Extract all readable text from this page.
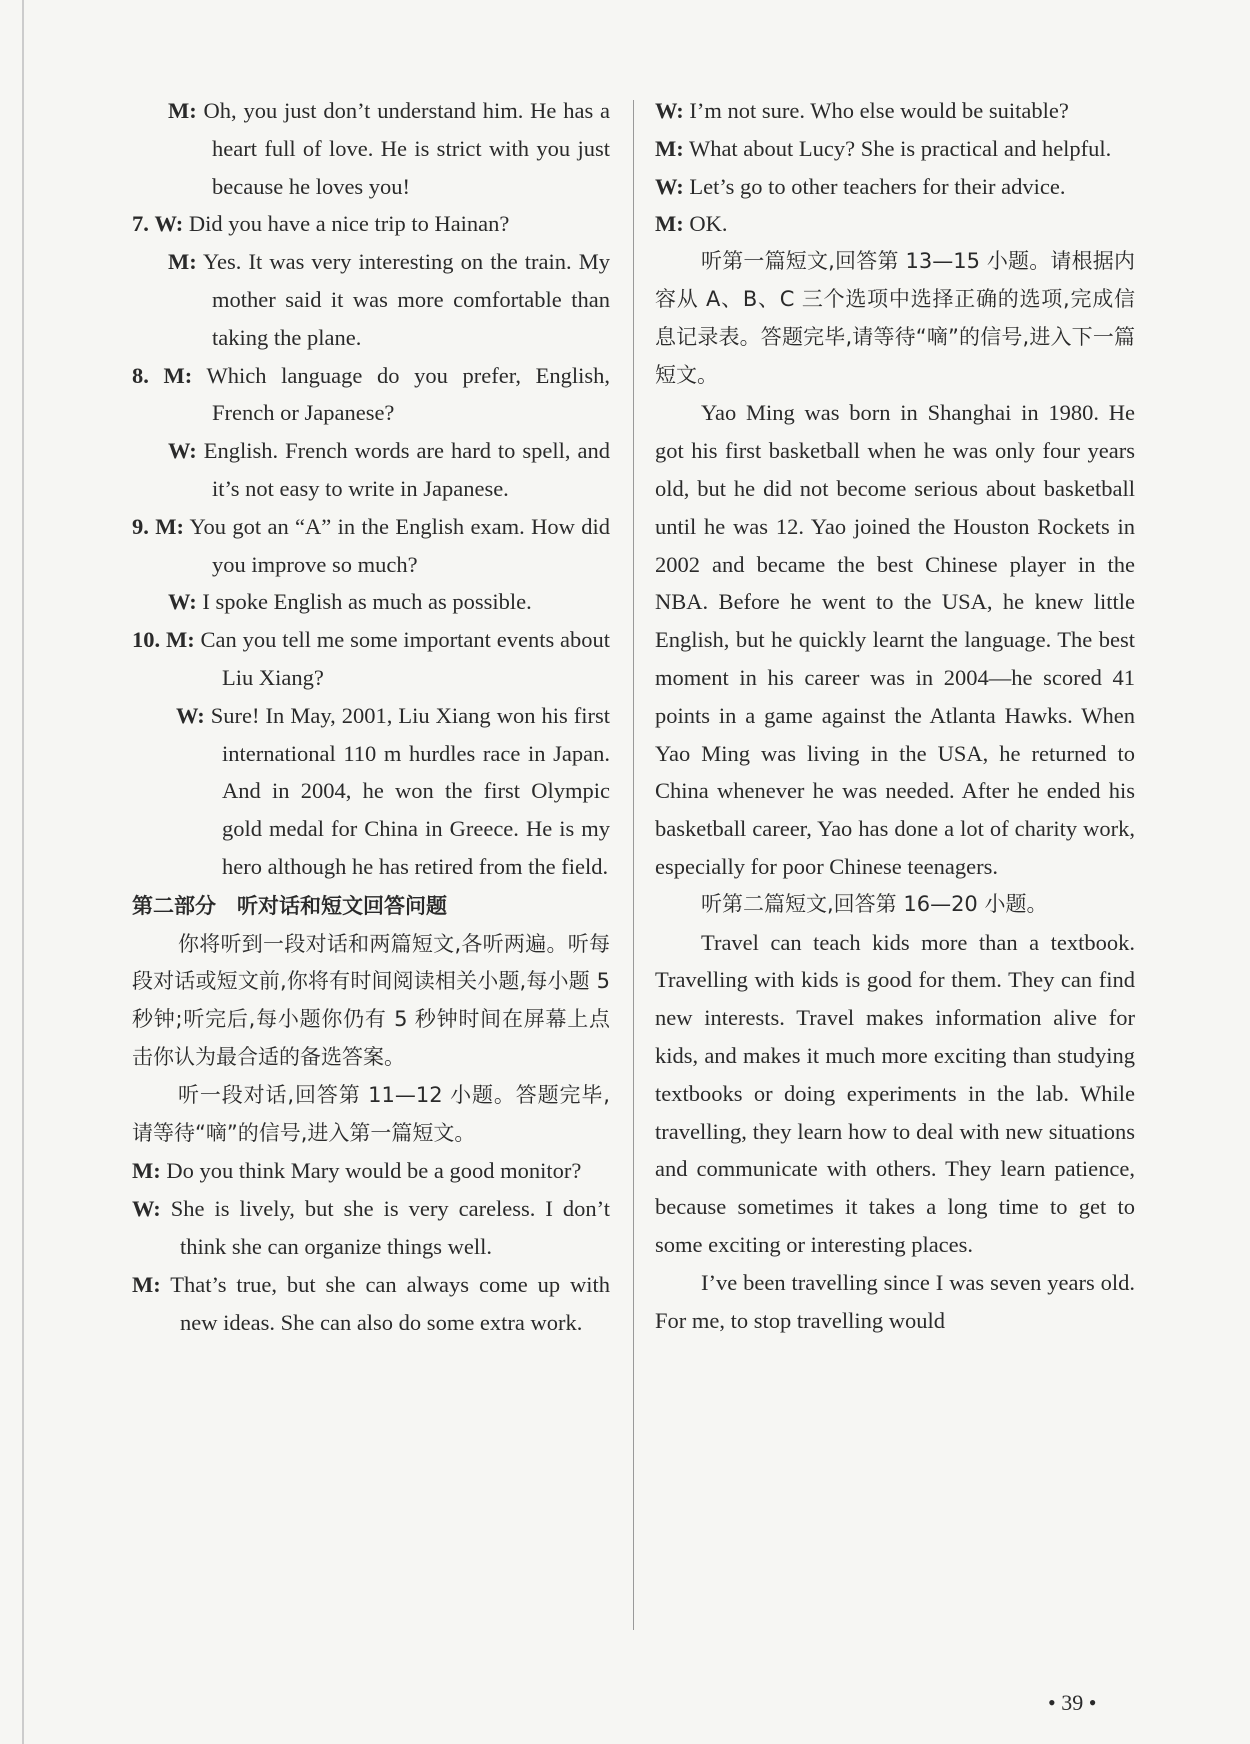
M: Oh, you just don’t understand him. He has a heart full of love. He is strict with you just because he loves you!

7. W: Did you have a nice trip to Hainan?

M: Yes. It was very interesting on the train. My mother said it was more comfortable than taking the plane.

8. M: Which language do you prefer, English, French or Japanese?

W: English. French words are hard to spell, and it’s not easy to write in Japanese.

9. M: You got an “A” in the English exam. How did you improve so much?

W: I spoke English as much as possible.

10. M: Can you tell me some important events about Liu Xiang?

W: Sure! In May, 2001, Liu Xiang won his first international 110 m hurdles race in Japan. And in 2004, he won the first Olympic gold medal for China in Greece. He is my hero although he has retired from the field.

第二部分　听对话和短文回答问题

你将听到一段对话和两篇短文,各听两遍。听每段对话或短文前,你将有时间阅读相关小题,每小题 5 秒钟;听完后,每小题你仍有 5 秒钟时间在屏幕上点击你认为最合适的备选答案。

听一段对话,回答第 11—12 小题。答题完毕,请等待“嘀”的信号,进入第一篇短文。

M: Do you think Mary would be a good monitor?

W: She is lively, but she is very careless. I don’t think she can organize things well.

M: That’s true, but she can always come up with new ideas. She can also do some extra work.

W: I’m not sure. Who else would be suitable?

M: What about Lucy? She is practical and helpful.

W: Let’s go to other teachers for their advice.

M: OK.

听第一篇短文,回答第 13—15 小题。请根据内容从 A、B、C 三个选项中选择正确的选项,完成信息记录表。答题完毕,请等待“嘀”的信号,进入下一篇短文。

Yao Ming was born in Shanghai in 1980. He got his first basketball when he was only four years old, but he did not become serious about basketball until he was 12. Yao joined the Houston Rockets in 2002 and became the best Chinese player in the NBA. Before he went to the USA, he knew little English, but he quickly learnt the language. The best moment in his career was in 2004—he scored 41 points in a game against the Atlanta Hawks. When Yao Ming was living in the USA, he returned to China whenever he was needed. After he ended his basketball career, Yao has done a lot of charity work, especially for poor Chinese teenagers.

听第二篇短文,回答第 16—20 小题。

Travel can teach kids more than a textbook. Travelling with kids is good for them. They can find new interests. Travel makes information alive for kids, and makes it much more exciting than studying textbooks or doing experiments in the lab. While travelling, they learn how to deal with new situations and communicate with others. They learn patience, because sometimes it takes a long time to get to some exciting or interesting places.

I’ve been travelling since I was seven years old. For me, to stop travelling would

• 39 •
